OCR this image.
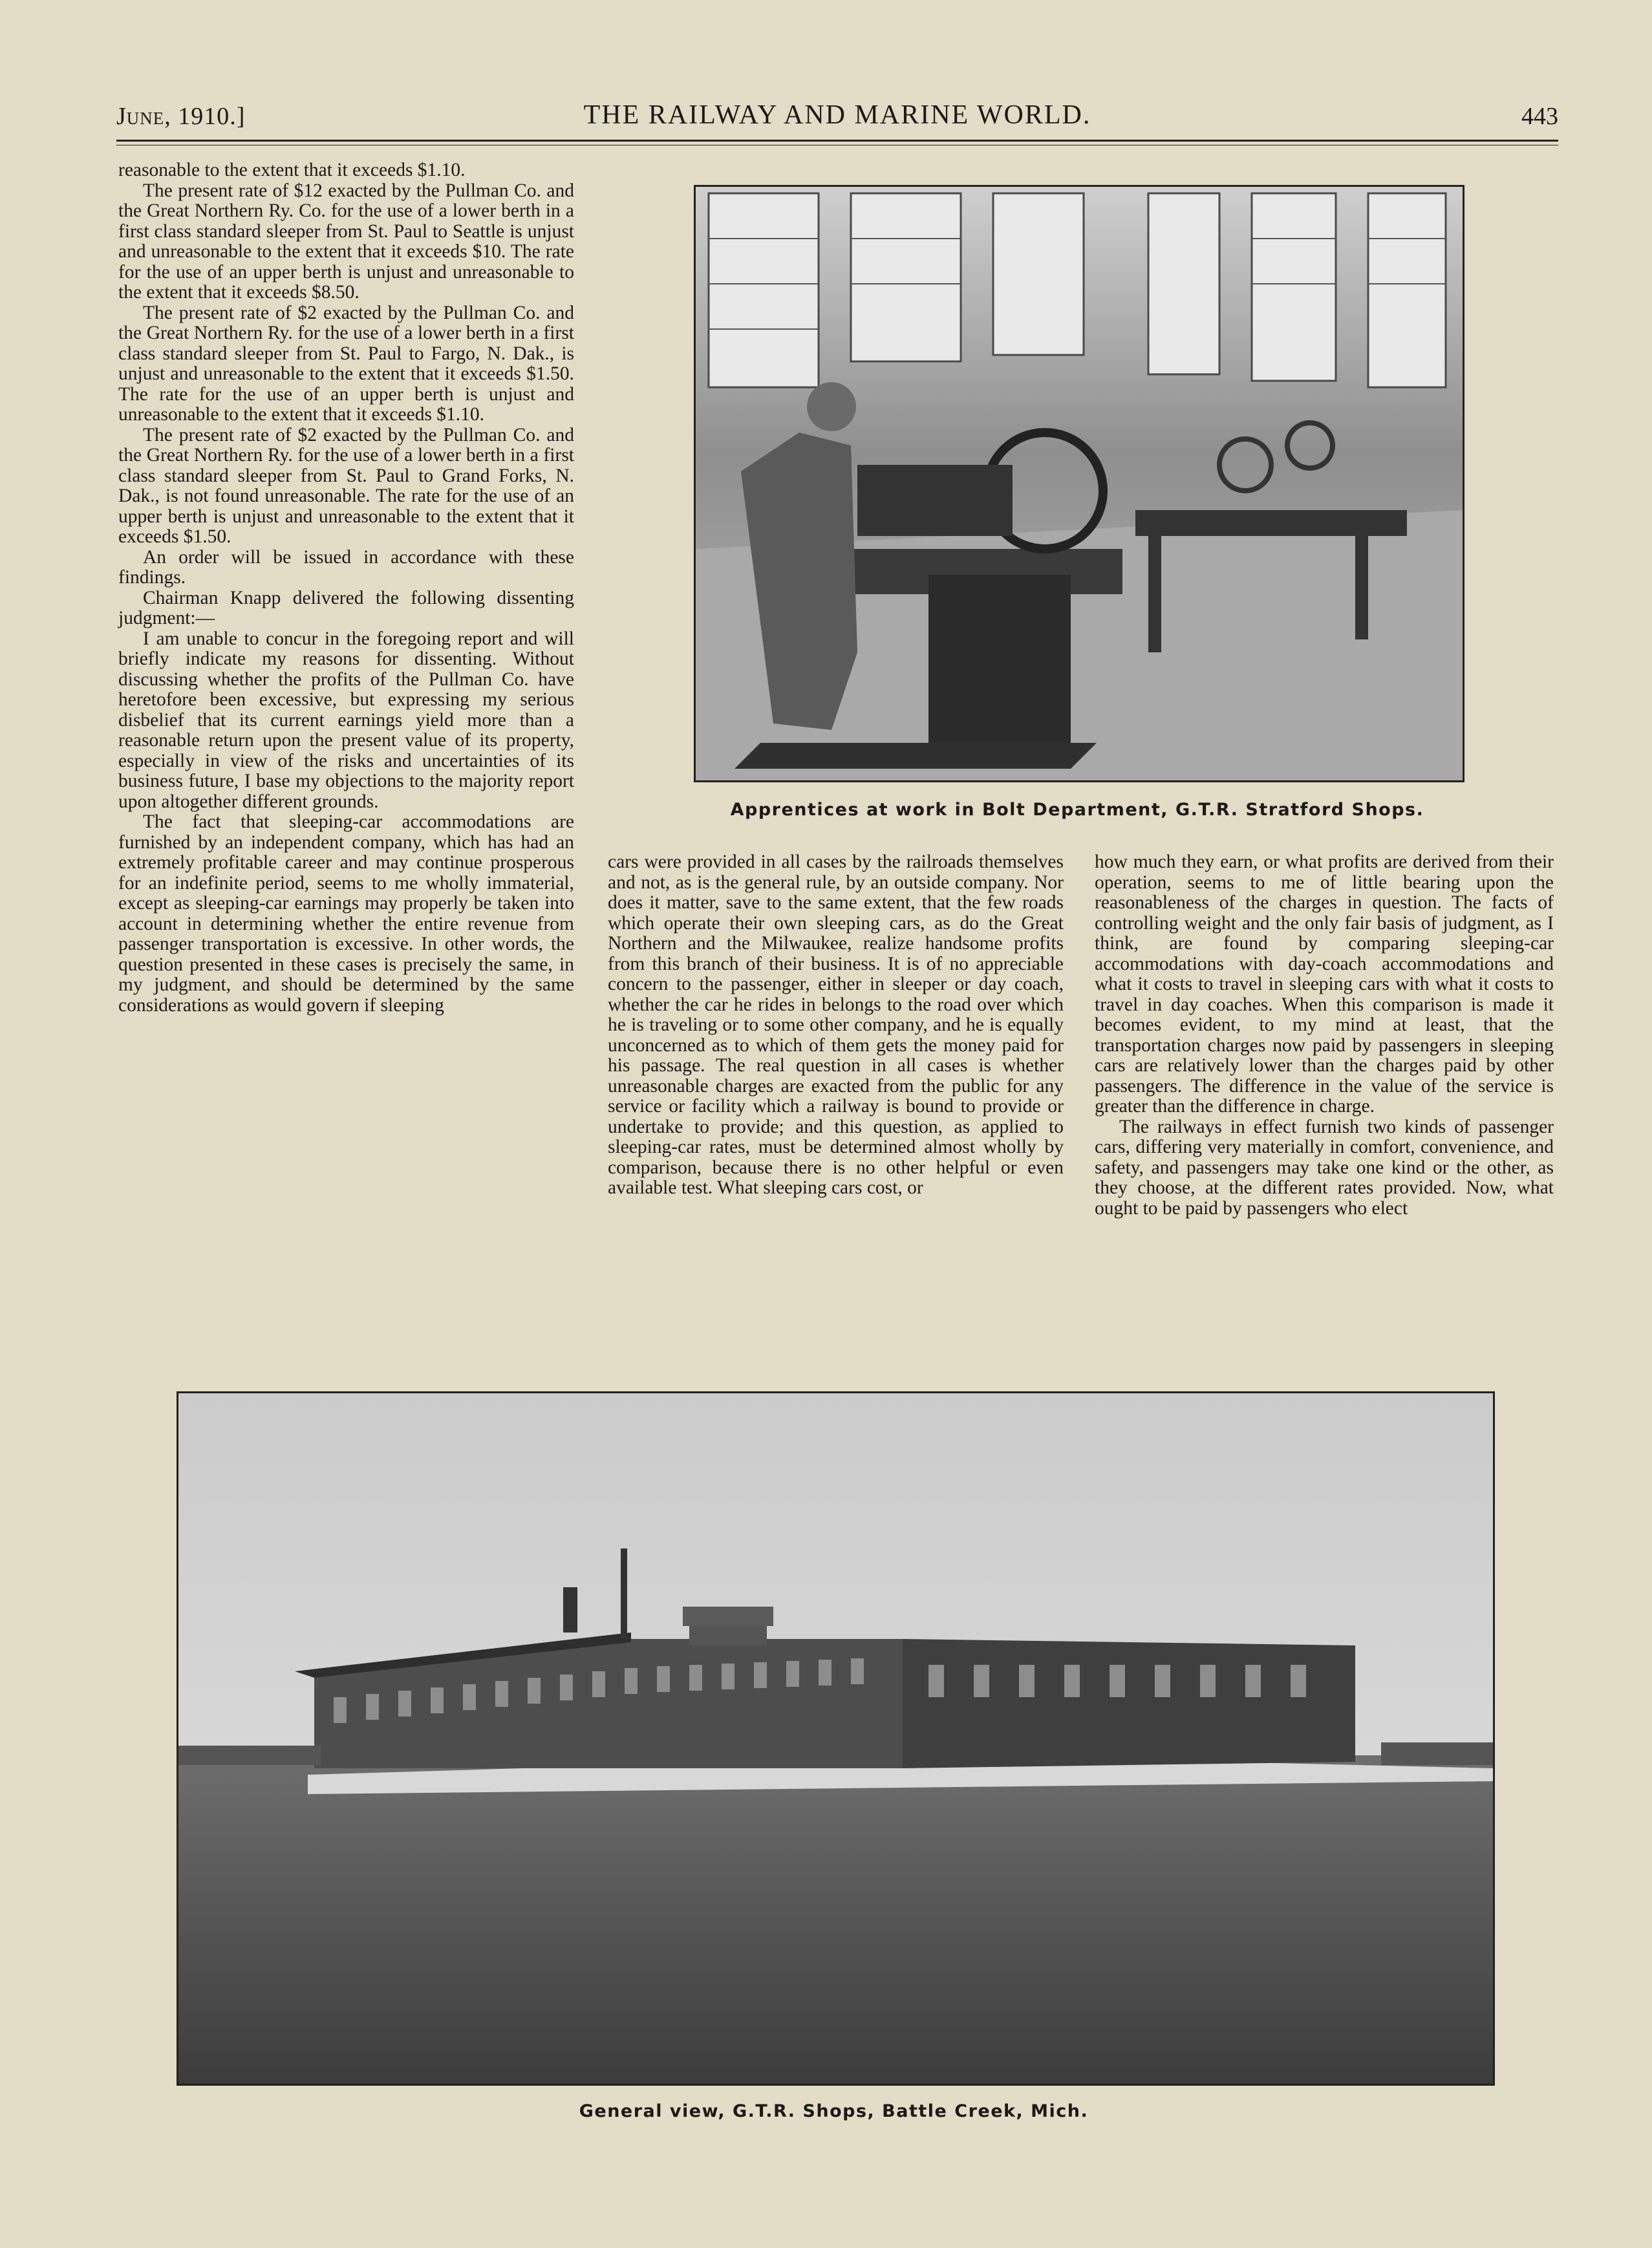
June, 1910.]	THE RAILWAY AND MARINE WORLD.	443

reasonable to the extent that it exceeds $1.10.

The present rate of $12 exacted by the Pullman Co. and the Great Northern Ry. Co. for the use of a lower berth in a first class standard sleeper from St. Paul to Seattle is unjust and unreasonable to the extent that it exceeds $10. The rate for the use of an upper berth is unjust and unreasonable to the extent that it exceeds $8.50.

The present rate of $2 exacted by the Pullman Co. and the Great Northern Ry. for the use of a lower berth in a first class standard sleeper from St. Paul to Fargo, N. Dak., is unjust and unreasonable to the extent that it exceeds $1.50. The rate for the use of an upper berth is unjust and unreasonable to the extent that it exceeds $1.10.

The present rate of $2 exacted by the Pullman Co. and the Great Northern Ry. for the use of a lower berth in a first class standard sleeper from St. Paul to Grand Forks, N. Dak., is not found unreasonable. The rate for the use of an upper berth is unjust and unreasonable to the extent that it exceeds $1.50.

An order will be issued in accordance with these findings.

Chairman Knapp delivered the following dissenting judgment:—

I am unable to concur in the foregoing report and will briefly indicate my reasons for dissenting. Without discussing whether the profits of the Pullman Co. have heretofore been excessive, but expressing my serious disbelief that its current earnings yield more than a reasonable return upon the present value of its property, especially in view of the risks and uncertainties of its business future, I base my objections to the majority report upon altogether different grounds.

The fact that sleeping-car accommodations are furnished by an independent company, which has had an extremely profitable career and may continue prosperous for an indefinite period, seems to me wholly immaterial, except as sleeping-car earnings may properly be taken into account in determining whether the entire revenue from passenger transportation is excessive. In other words, the question presented in these cases is precisely the same, in my judgment, and should be determined by the same considerations as would govern if sleeping

Apprentices at work in Bolt Department, G.T.R. Stratford Shops.

cars were provided in all cases by the railroads themselves and not, as is the general rule, by an outside company. Nor does it matter, save to the same extent, that the few roads which operate their own sleeping cars, as do the Great Northern and the Milwaukee, realize handsome profits from this branch of their business. It is of no appreciable concern to the passenger, either in sleeper or day coach, whether the car he rides in belongs to the road over which he is traveling or to some other company, and he is equally unconcerned as to which of them gets the money paid for his passage. The real question in all cases is whether unreasonable charges are exacted from the public for any service or facility which a railway is bound to provide or undertake to provide; and this question, as applied to sleeping-car rates, must be determined almost wholly by comparison, because there is no other helpful or even available test. What sleeping cars cost, or

how much they earn, or what profits are derived from their operation, seems to me of little bearing upon the reasonableness of the charges in question. The facts of controlling weight and the only fair basis of judgment, as I think, are found by comparing sleeping-car accommodations with day-coach accommodations and what it costs to travel in sleeping cars with what it costs to travel in day coaches. When this comparison is made it becomes evident, to my mind at least, that the transportation charges now paid by passengers in sleeping cars are relatively lower than the charges paid by other passengers. The difference in the value of the service is greater than the difference in charge.

The railways in effect furnish two kinds of passenger cars, differing very materially in comfort, convenience, and safety, and passengers may take one kind or the other, as they choose, at the different rates provided. Now, what ought to be paid by passengers who elect

General view, G.T.R. Shops, Battle Creek, Mich.
